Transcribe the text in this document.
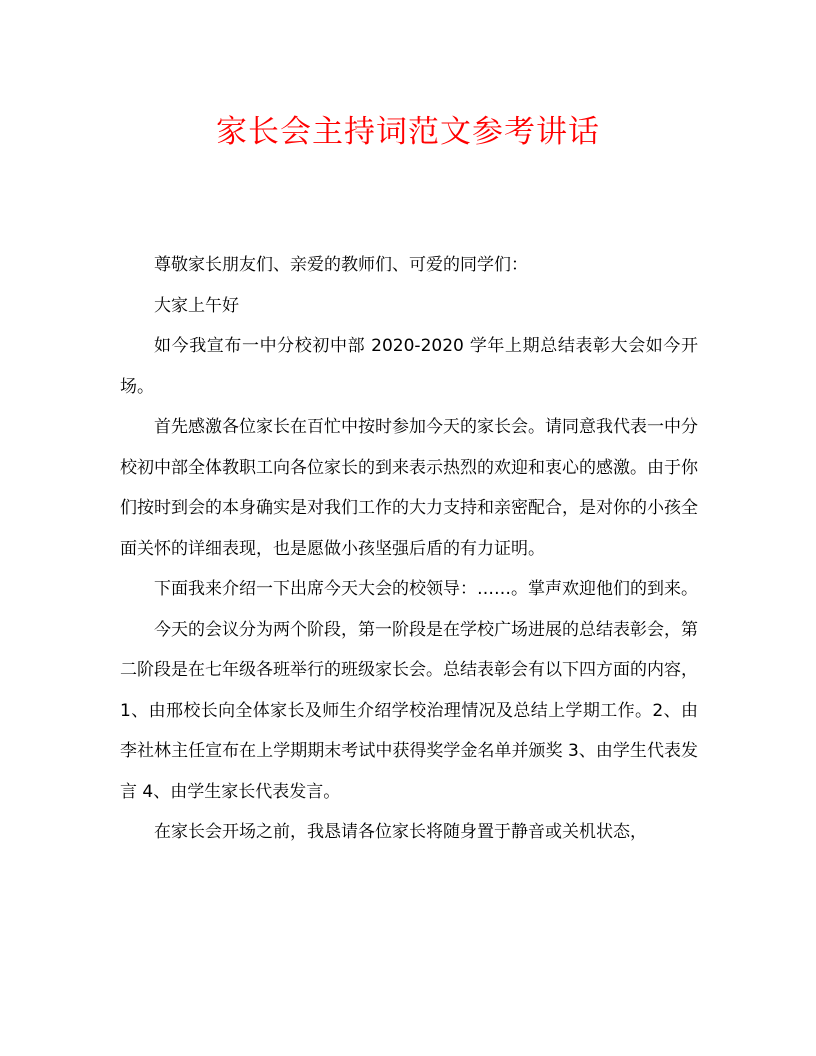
家长会主持词范文参考讲话

尊敬家长朋友们、亲爱的教师们、可爱的同学们：

大家上午好

如今我宣布一中分校初中部 2020-2020 学年上期总结表彰大会如今开场。

首先感激各位家长在百忙中按时参加今天的家长会。请同意我代表一中分校初中部全体教职工向各位家长的到来表示热烈的欢迎和衷心的感激。由于你们按时到会的本身确实是对我们工作的大力支持和亲密配合，是对你的小孩全面关怀的详细表现，也是愿做小孩坚强后盾的有力证明。

下面我来介绍一下出席今天大会的校领导：……。掌声欢迎他们的到来。

今天的会议分为两个阶段，第一阶段是在学校广场进展的总结表彰会，第二阶段是在七年级各班举行的班级家长会。总结表彰会有以下四方面的内容，1、由邢校长向全体家长及师生介绍学校治理情况及总结上学期工作。2、由李社林主任宣布在上学期期末考试中获得奖学金名单并颁奖 3、由学生代表发言 4、由学生家长代表发言。

在家长会开场之前，我恳请各位家长将随身置于静音或关机状态，
